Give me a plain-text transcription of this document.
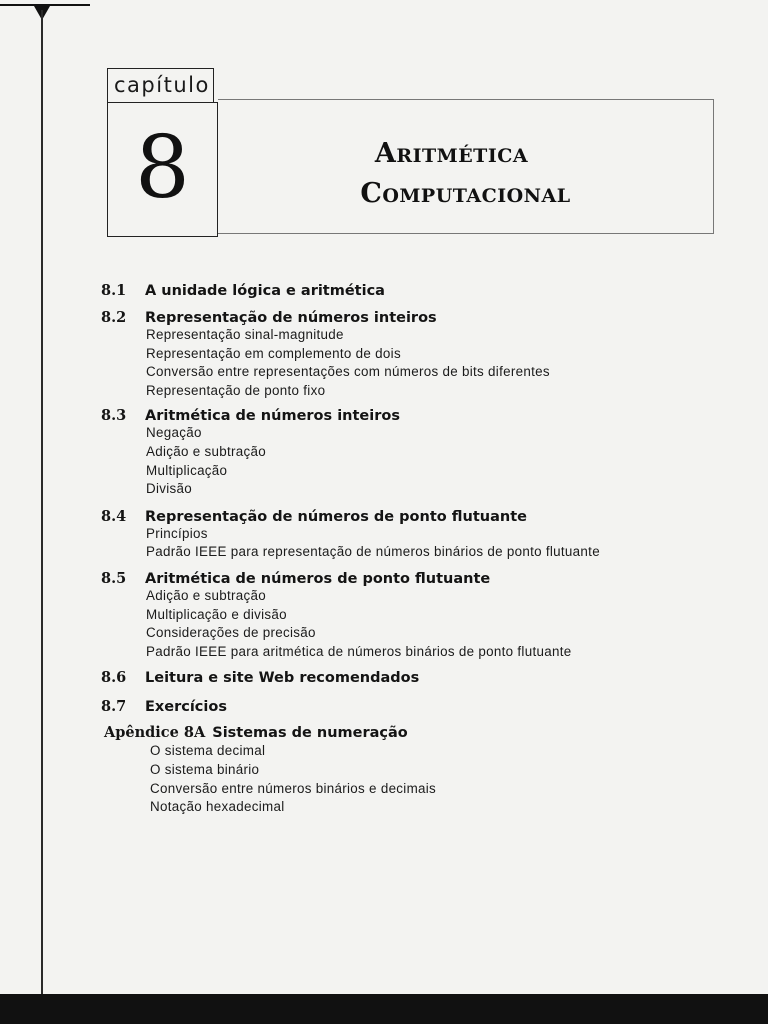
capítulo
8	Aritmética
Computacional
8.1	A unidade lógica e aritmética
8.2	Representação de números inteiros
Representação sinal-magnitude
Representação em complemento de dois
Conversão entre representações com números de bits diferentes
Representação de ponto fixo
8.3	Aritmética de números inteiros
Negação
Adição e subtração
Multiplicação
Divisão
8.4	Representação de números de ponto flutuante
Princípios
Padrão IEEE para representação de números binários de ponto flutuante
8.5	Aritmética de números de ponto flutuante
Adição e subtração
Multiplicação e divisão
Considerações de precisão
Padrão IEEE para aritmética de números binários de ponto flutuante
8.6	Leitura e site Web recomendados
8.7	Exercícios
Apêndice 8A Sistemas de numeração
O sistema decimal
O sistema binário
Conversão entre números binários e decimais
Notação hexadecimal
